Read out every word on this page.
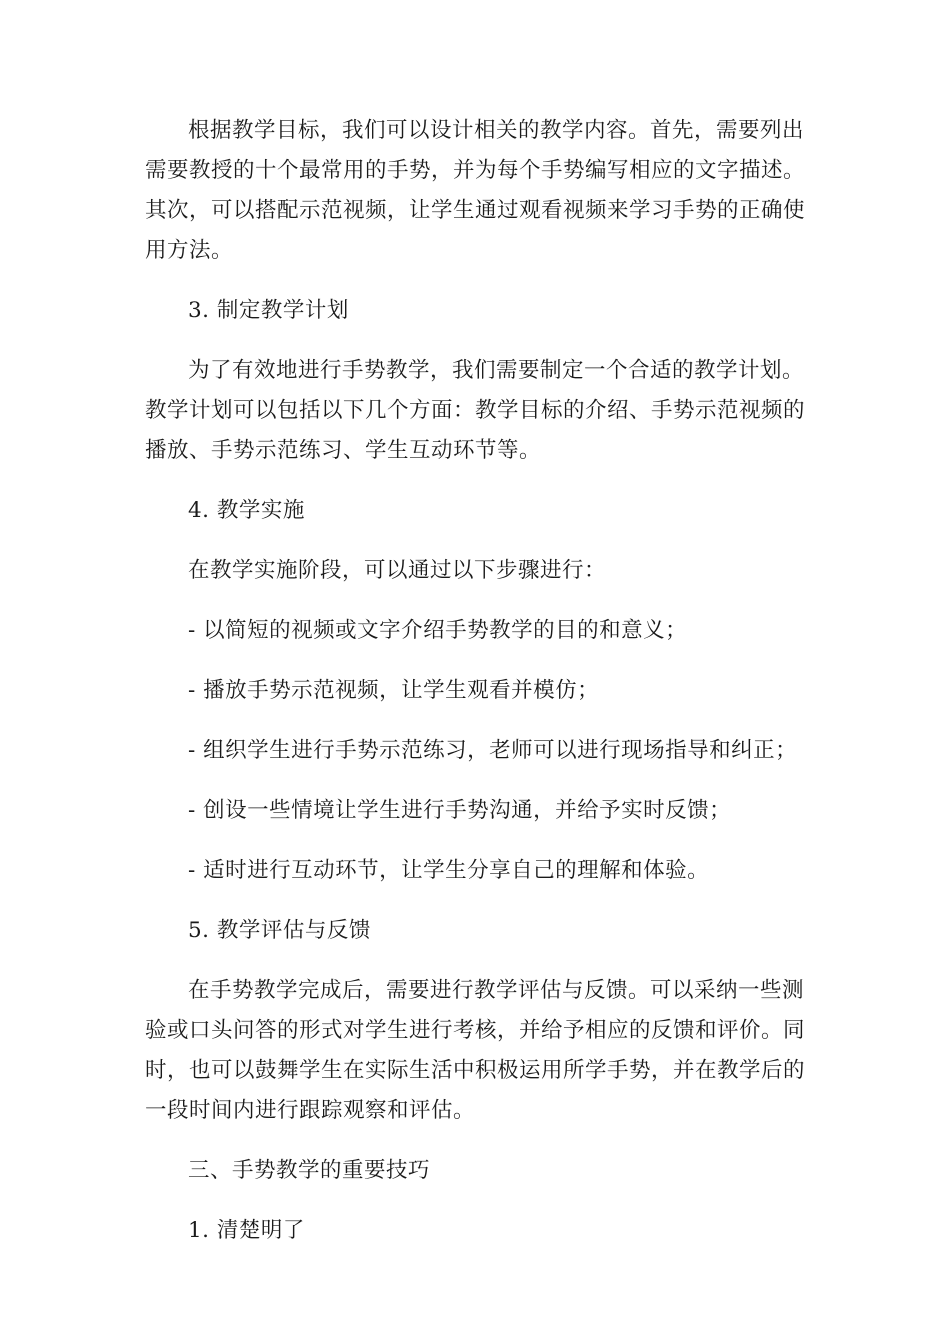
根据教学目标，我们可以设计相关的教学内容。首先，需要列出需要教授的十个最常用的手势，并为每个手势编写相应的文字描述。其次，可以搭配示范视频，让学生通过观看视频来学习手势的正确使用方法。

3. 制定教学计划

为了有效地进行手势教学，我们需要制定一个合适的教学计划。教学计划可以包括以下几个方面：教学目标的介绍、手势示范视频的播放、手势示范练习、学生互动环节等。

4. 教学实施
在教学实施阶段，可以通过以下步骤进行：
- 以简短的视频或文字介绍手势教学的目的和意义；
- 播放手势示范视频，让学生观看并模仿；
- 组织学生进行手势示范练习，老师可以进行现场指导和纠正；
- 创设一些情境让学生进行手势沟通，并给予实时反馈；
- 适时进行互动环节，让学生分享自己的理解和体验。
5. 教学评估与反馈

在手势教学完成后，需要进行教学评估与反馈。可以采纳一些测验或口头问答的形式对学生进行考核，并给予相应的反馈和评价。同时，也可以鼓舞学生在实际生活中积极运用所学手势，并在教学后的一段时间内进行跟踪观察和评估。

三、手势教学的重要技巧
1. 清楚明了
